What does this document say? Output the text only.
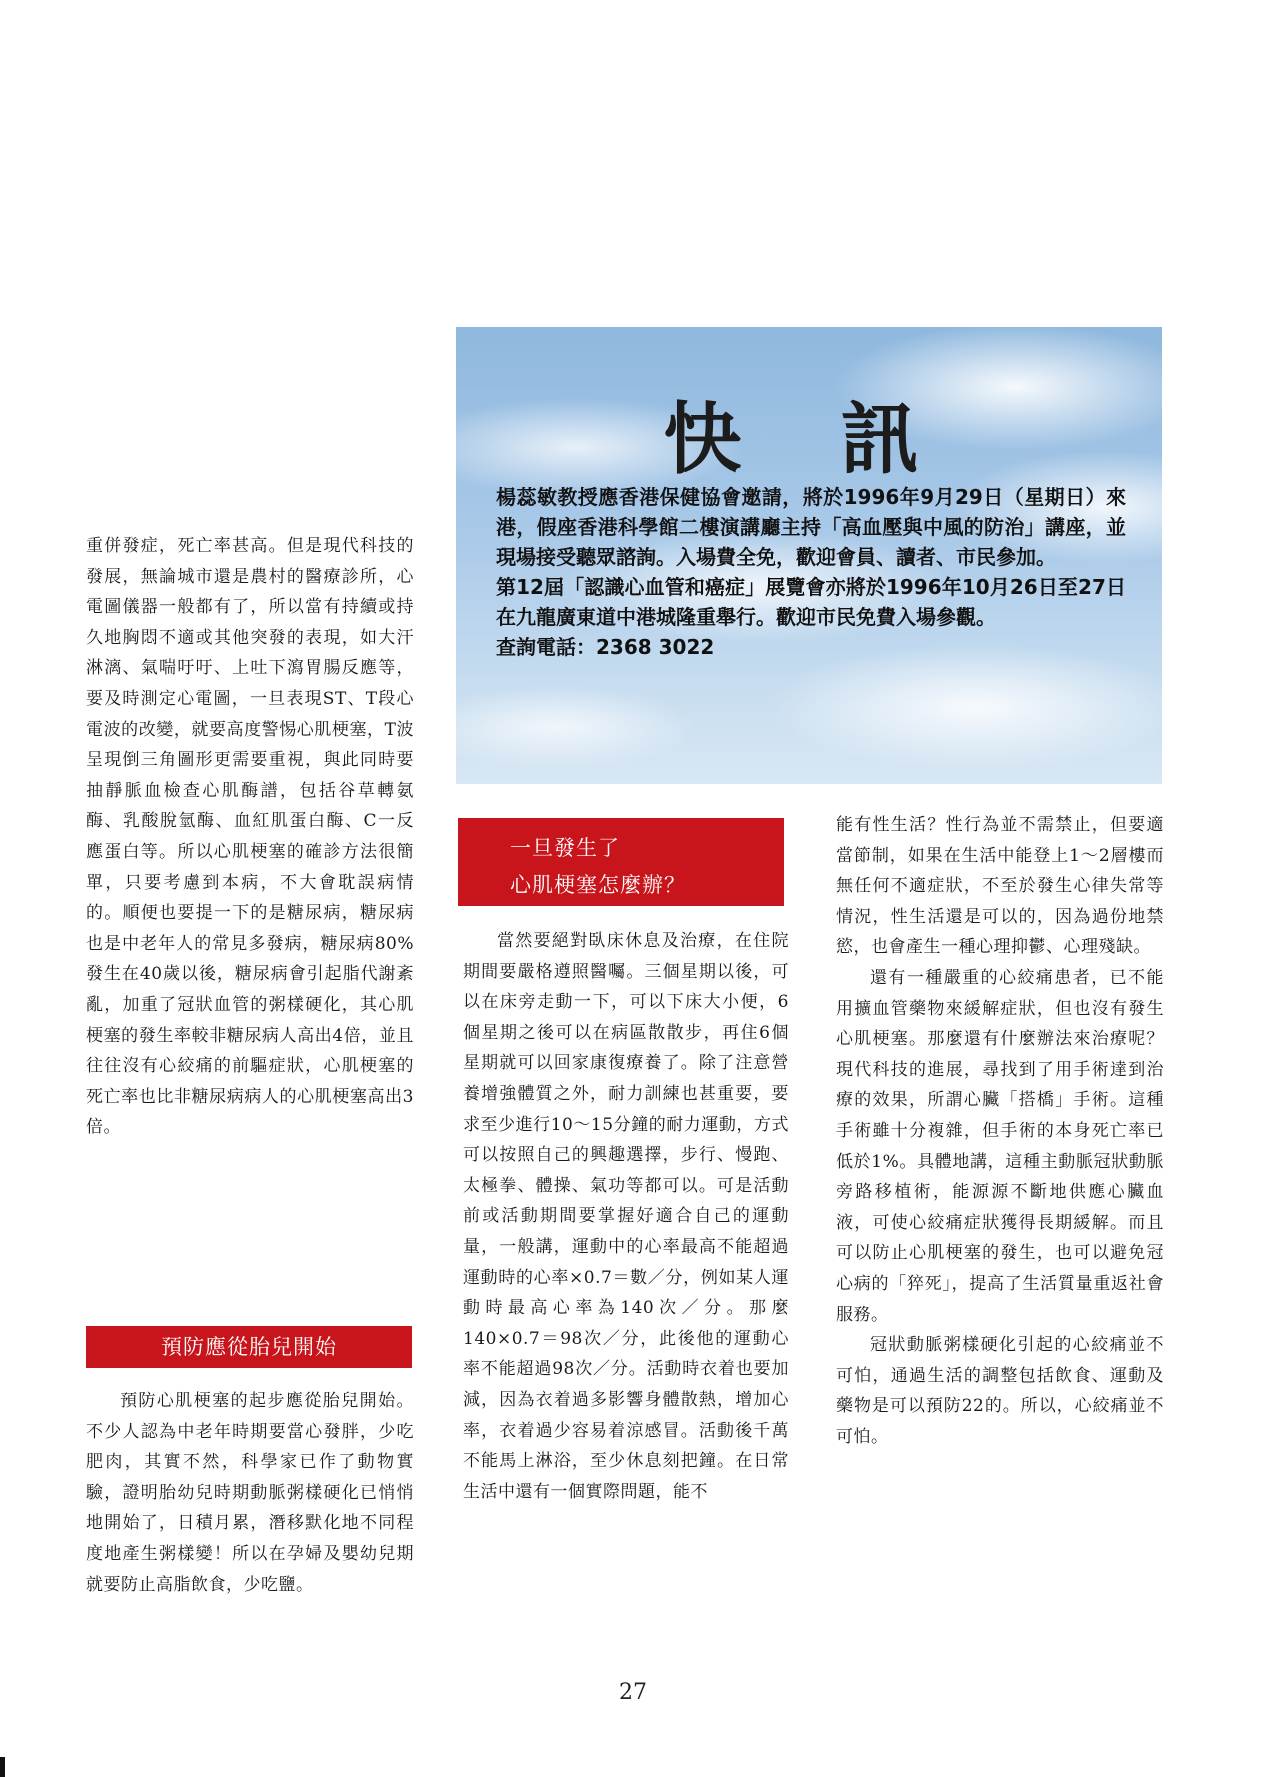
快 訊

楊蕊敏教授應香港保健協會邀請，將於1996年9月29日（星期日）來港，假座香港科學館二樓演講廳主持「高血壓與中風的防治」講座，並現場接受聽眾諮詢。入場費全免，歡迎會員、讀者、市民參加。

第12屆「認識心血管和癌症」展覽會亦將於1996年10月26日至27日在九龍廣東道中港城隆重舉行。歡迎市民免費入場參觀。

查詢電話：2368 3022

重併發症，死亡率甚高。但是現代科技的發展，無論城市還是農村的醫療診所，心電圖儀器一般都有了，所以當有持續或持久地胸悶不適或其他突發的表現，如大汗淋漓、氣喘吁吁、上吐下瀉胃腸反應等，要及時測定心電圖，一旦表現ST、T段心電波的改變，就要高度警惕心肌梗塞，T波呈現倒三角圖形更需要重視，與此同時要抽靜脈血檢查心肌酶譜，包括谷草轉氨酶、乳酸脫氫酶、血紅肌蛋白酶、C一反應蛋白等。所以心肌梗塞的確診方法很簡單，只要考慮到本病，不大會耽誤病情的。順便也要提一下的是糖尿病，糖尿病也是中老年人的常見多發病，糖尿病80%發生在40歲以後，糖尿病會引起脂代謝紊亂，加重了冠狀血管的粥樣硬化，其心肌梗塞的發生率較非糖尿病人高出4倍，並且往往沒有心絞痛的前驅症狀，心肌梗塞的死亡率也比非糖尿病病人的心肌梗塞高出3倍。

預防應從胎兒開始

預防心肌梗塞的起步應從胎兒開始。不少人認為中老年時期要當心發胖，少吃肥肉，其實不然，科學家已作了動物實驗，證明胎幼兒時期動脈粥樣硬化已悄悄地開始了，日積月累，潛移默化地不同程度地產生粥樣變！所以在孕婦及嬰幼兒期就要防止高脂飲食，少吃鹽。

一旦發生了
心肌梗塞怎麼辦？

當然要絕對臥床休息及治療，在住院期間要嚴格遵照醫囑。三個星期以後，可以在床旁走動一下，可以下床大小便，6個星期之後可以在病區散散步，再住6個星期就可以回家康復療養了。除了注意營養增強體質之外，耐力訓練也甚重要，要求至少進行10～15分鐘的耐力運動，方式可以按照自己的興趣選擇，步行、慢跑、太極拳、體操、氣功等都可以。可是活動前或活動期間要掌握好適合自己的運動量，一般講，運動中的心率最高不能超過運動時的心率×0.7＝數／分，例如某人運動時最高心率為140次／分。那麼140×0.7＝98次／分，此後他的運動心率不能超過98次／分。活動時衣着也要加減，因為衣着過多影響身體散熱，增加心率，衣着過少容易着涼感冒。活動後千萬不能馬上淋浴，至少休息刻把鐘。在日常生活中還有一個實際問題，能不

能有性生活？性行為並不需禁止，但要適當節制，如果在生活中能登上1～2層樓而無任何不適症狀，不至於發生心律失常等情況，性生活還是可以的，因為過份地禁慾，也會產生一種心理抑鬱、心理殘缺。

還有一種嚴重的心絞痛患者，已不能用擴血管藥物來緩解症狀，但也沒有發生心肌梗塞。那麼還有什麼辦法來治療呢？現代科技的進展，尋找到了用手術達到治療的效果，所謂心臟「搭橋」手術。這種手術雖十分複雜，但手術的本身死亡率已低於1%。具體地講，這種主動脈冠狀動脈旁路移植術，能源源不斷地供應心臟血液，可使心絞痛症狀獲得長期緩解。而且可以防止心肌梗塞的發生，也可以避免冠心病的「猝死」，提高了生活質量重返社會服務。

冠狀動脈粥樣硬化引起的心絞痛並不可怕，通過生活的調整包括飲食、運動及藥物是可以預防22的。所以，心絞痛並不可怕。

27
